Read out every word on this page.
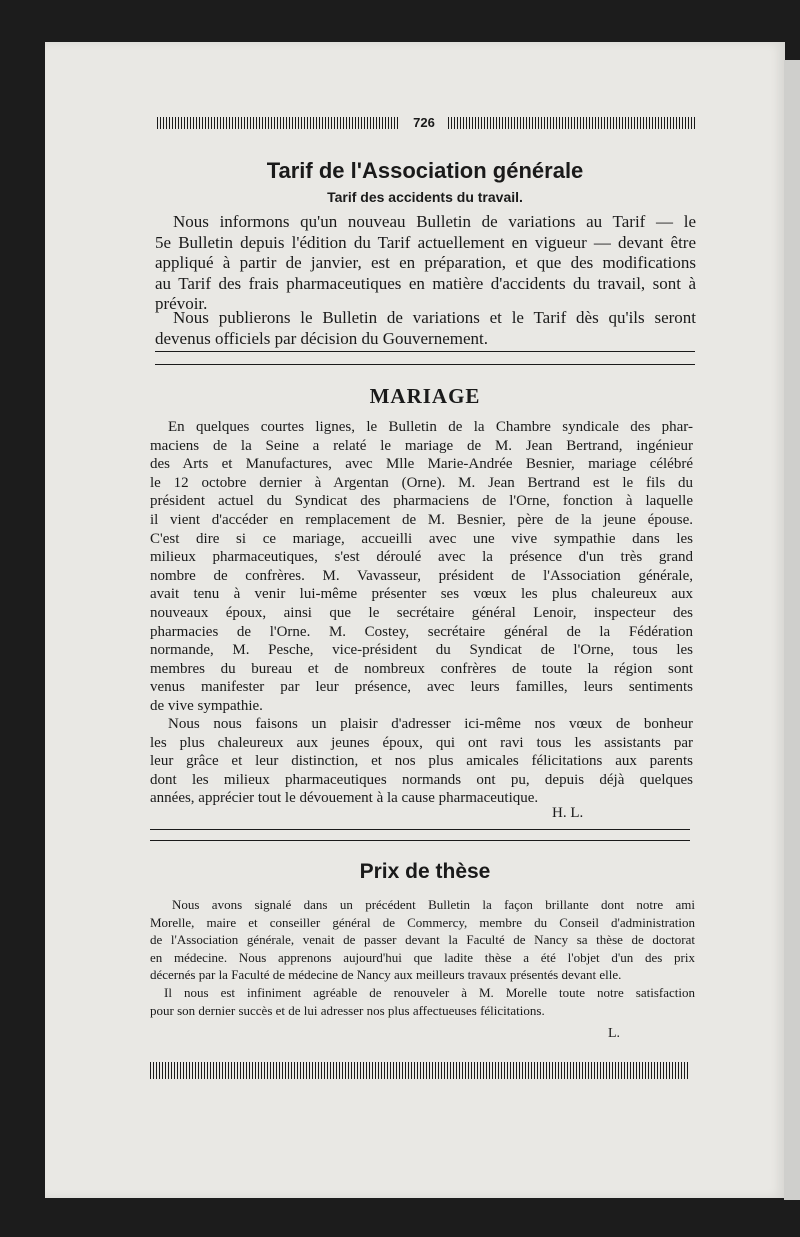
726
Tarif de l'Association générale
Tarif des accidents du travail.
Nous informons qu'un nouveau Bulletin de variations au Tarif — le
5e Bulletin depuis l'édition du Tarif actuellement en vigueur — devant être
appliqué à partir de janvier, est en préparation, et que des modifications
au Tarif des frais pharmaceutiques en matière d'accidents du travail, sont à
prévoir.
Nous publierons le Bulletin de variations et le Tarif dès qu'ils seront
devenus officiels par décision du Gouvernement.
MARIAGE
En quelques courtes lignes, le Bulletin de la Chambre syndicale des phar-
maciens de la Seine a relaté le mariage de M. Jean Bertrand, ingénieur
des Arts et Manufactures, avec Mlle Marie-Andrée Besnier, mariage célébré
le 12 octobre dernier à Argentan (Orne). M. Jean Bertrand est le fils du
président actuel du Syndicat des pharmaciens de l'Orne, fonction à laquelle
il vient d'accéder en remplacement de M. Besnier, père de la jeune épouse.
C'est dire si ce mariage, accueilli avec une vive sympathie dans les
milieux pharmaceutiques, s'est déroulé avec la présence d'un très grand
nombre de confrères. M. Vavasseur, président de l'Association générale,
avait tenu à venir lui-même présenter ses vœux les plus chaleureux aux
nouveaux époux, ainsi que le secrétaire général Lenoir, inspecteur des
pharmacies de l'Orne. M. Costey, secrétaire général de la Fédération
normande, M. Pesche, vice-président du Syndicat de l'Orne, tous les
membres du bureau et de nombreux confrères de toute la région sont
venus manifester par leur présence, avec leurs familles, leurs sentiments
de vive sympathie.
Nous nous faisons un plaisir d'adresser ici-même nos vœux de bonheur
les plus chaleureux aux jeunes époux, qui ont ravi tous les assistants par
leur grâce et leur distinction, et nos plus amicales félicitations aux parents
dont les milieux pharmaceutiques normands ont pu, depuis déjà quelques
années, apprécier tout le dévouement à la cause pharmaceutique.
H. L.
Prix de thèse
Nous avons signalé dans un précédent Bulletin la façon brillante dont notre ami
Morelle, maire et conseiller général de Commercy, membre du Conseil d'administration
de l'Association générale, venait de passer devant la Faculté de Nancy sa thèse de doctorat
en médecine. Nous apprenons aujourd'hui que ladite thèse a été l'objet d'un des prix
décernés par la Faculté de médecine de Nancy aux meilleurs travaux présentés devant elle.
Il nous est infiniment agréable de renouveler à M. Morelle toute notre satisfaction
pour son dernier succès et de lui adresser nos plus affectueuses félicitations.
L.
